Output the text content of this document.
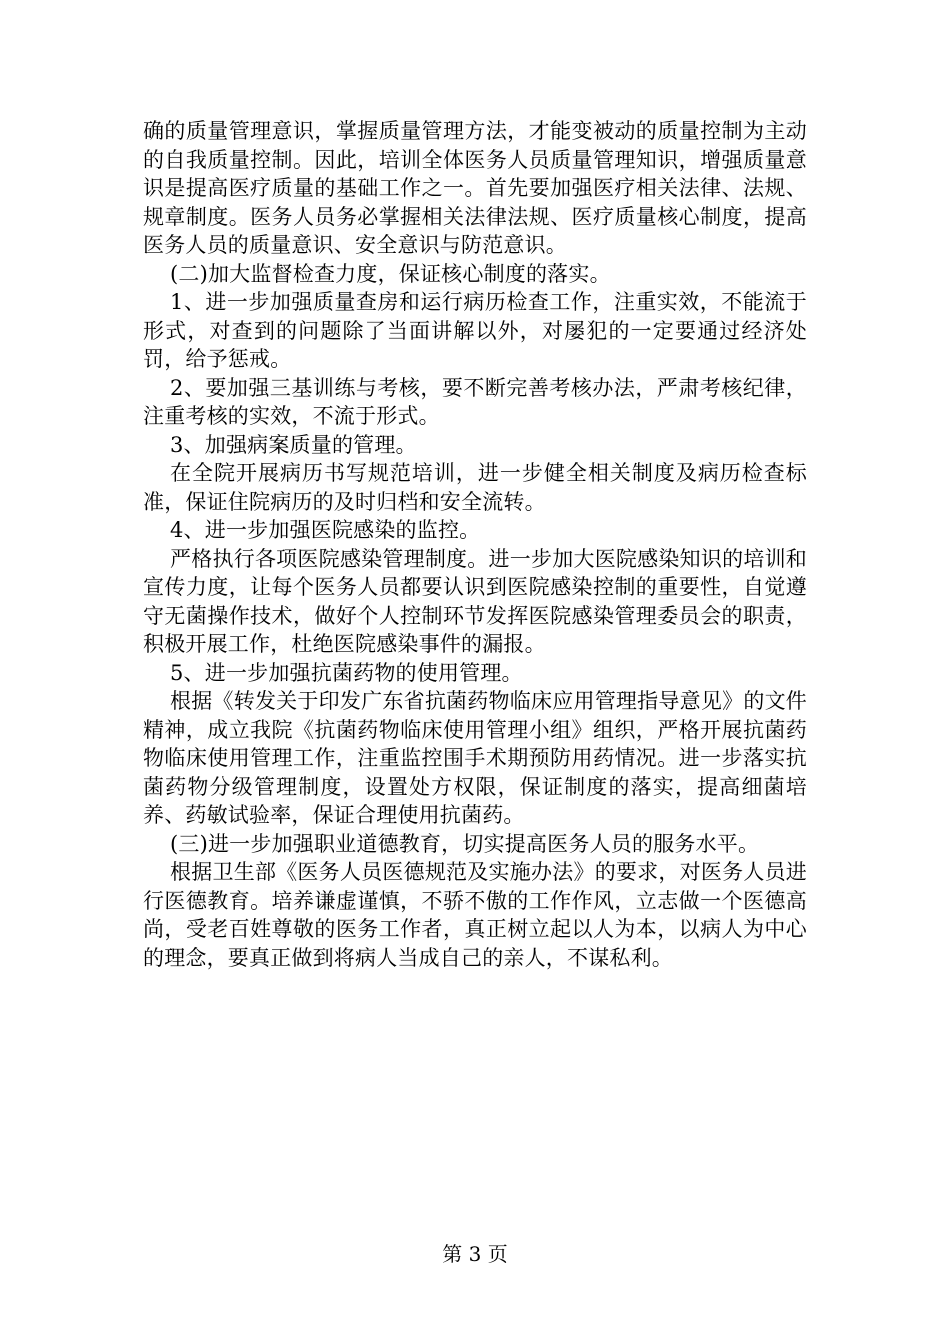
确的质量管理意识，掌握质量管理方法，才能变被动的质量控制为主动的自我质量控制。因此，培训全体医务人员质量管理知识，增强质量意识是提高医疗质量的基础工作之一。首先要加强医疗相关法律、法规、规章制度。医务人员务必掌握相关法律法规、医疗质量核心制度，提高医务人员的质量意识、安全意识与防范意识。

(二)加大监督检查力度，保证核心制度的落实。

1、进一步加强质量查房和运行病历检查工作，注重实效，不能流于形式，对查到的问题除了当面讲解以外，对屡犯的一定要通过经济处罚，给予惩戒。

2、要加强三基训练与考核，要不断完善考核办法，严肃考核纪律，注重考核的实效，不流于形式。

3、加强病案质量的管理。

在全院开展病历书写规范培训，进一步健全相关制度及病历检查标准，保证住院病历的及时归档和安全流转。

4、进一步加强医院感染的监控。

严格执行各项医院感染管理制度。进一步加大医院感染知识的培训和宣传力度，让每个医务人员都要认识到医院感染控制的重要性，自觉遵守无菌操作技术，做好个人控制环节发挥医院感染管理委员会的职责，积极开展工作，杜绝医院感染事件的漏报。

5、进一步加强抗菌药物的使用管理。

根据《转发关于印发广东省抗菌药物临床应用管理指导意见》的文件精神，成立我院《抗菌药物临床使用管理小组》组织，严格开展抗菌药物临床使用管理工作，注重监控围手术期预防用药情况。进一步落实抗菌药物分级管理制度，设置处方权限，保证制度的落实，提高细菌培养、药敏试验率，保证合理使用抗菌药。

(三)进一步加强职业道德教育，切实提高医务人员的服务水平。

根据卫生部《医务人员医德规范及实施办法》的要求，对医务人员进行医德教育。培养谦虚谨慎，不骄不傲的工作作风，立志做一个医德高尚，受老百姓尊敬的医务工作者，真正树立起以人为本，以病人为中心的理念，要真正做到将病人当成自己的亲人，不谋私利。

第 3 页
